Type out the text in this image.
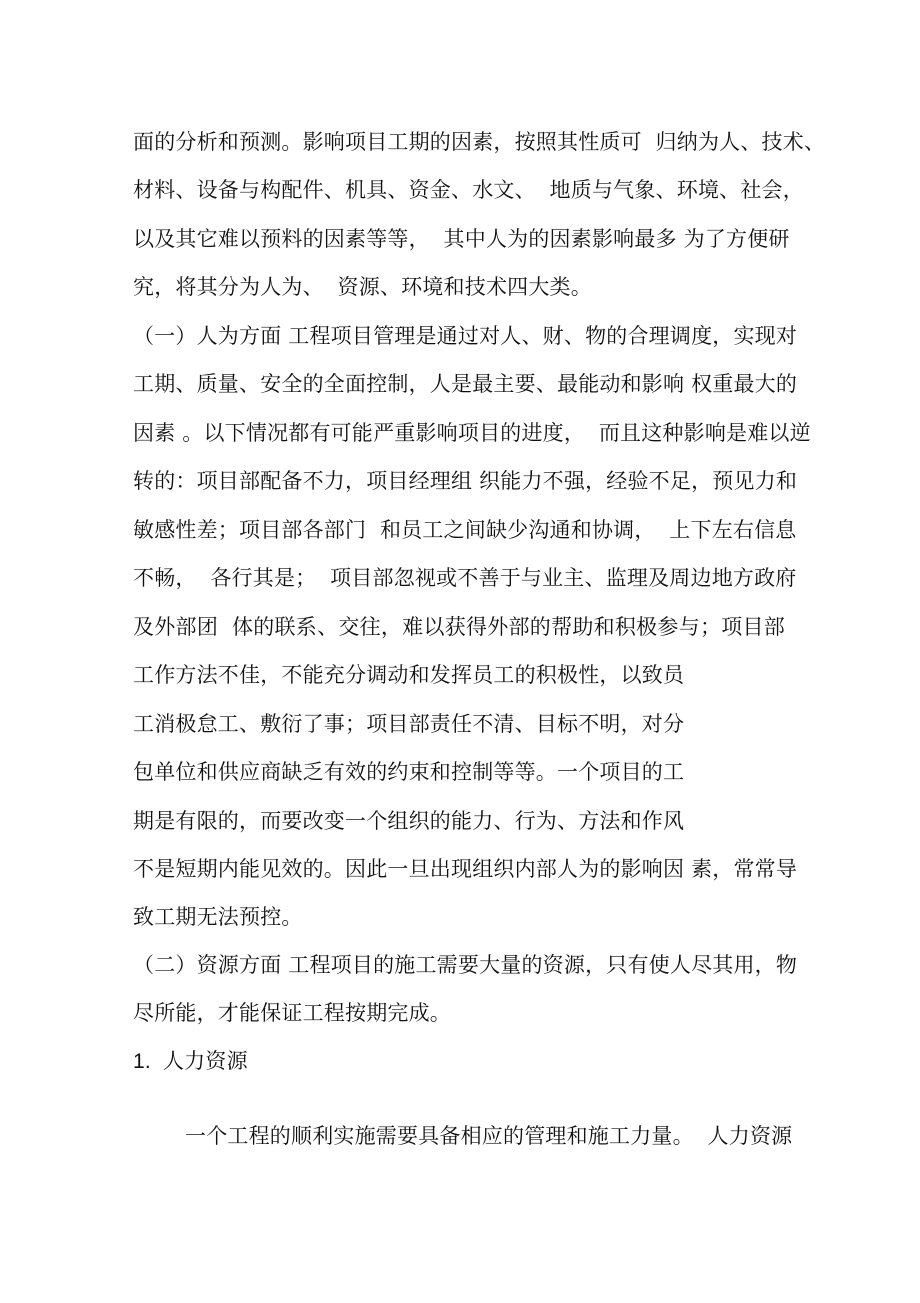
面的分析和预测。影响项目工期的因素，按照其性质可  归纳为人、技术、
材料、设备与构配件、机具、资金、水文、  地质与气象、环境、社会，
以及其它难以预料的因素等等，  其中人为的因素影响最多 为了方便研
究，将其分为人为、  资源、环境和技术四大类。
（一）人为方面 工程项目管理是通过对人、财、物的合理调度，实现对
工期、质量、安全的全面控制，人是最主要、最能动和影响 权重最大的
因素 。以下情况都有可能严重影响项目的进度，  而且这种影响是难以逆
转的：项目部配备不力，项目经理组 织能力不强，经验不足，预见力和
敏感性差；项目部各部门  和员工之间缺少沟通和协调，  上下左右信息
不畅，  各行其是；  项目部忽视或不善于与业主、监理及周边地方政府
及外部团  体的联系、交往，难以获得外部的帮助和积极参与；项目部
工作方法不佳，不能充分调动和发挥员工的积极性，以致员
工消极怠工、敷衍了事；项目部责任不清、目标不明，对分
包单位和供应商缺乏有效的约束和控制等等。一个项目的工
期是有限的，而要改变一个组织的能力、行为、方法和作风
不是短期内能见效的。因此一旦出现组织内部人为的影响因 素，常常导
致工期无法预控。
（二）资源方面 工程项目的施工需要大量的资源，只有使人尽其用，物
尽所能，才能保证工程按期完成。
1.  人力资源
一个工程的顺利实施需要具备相应的管理和施工力量。  人力资源
